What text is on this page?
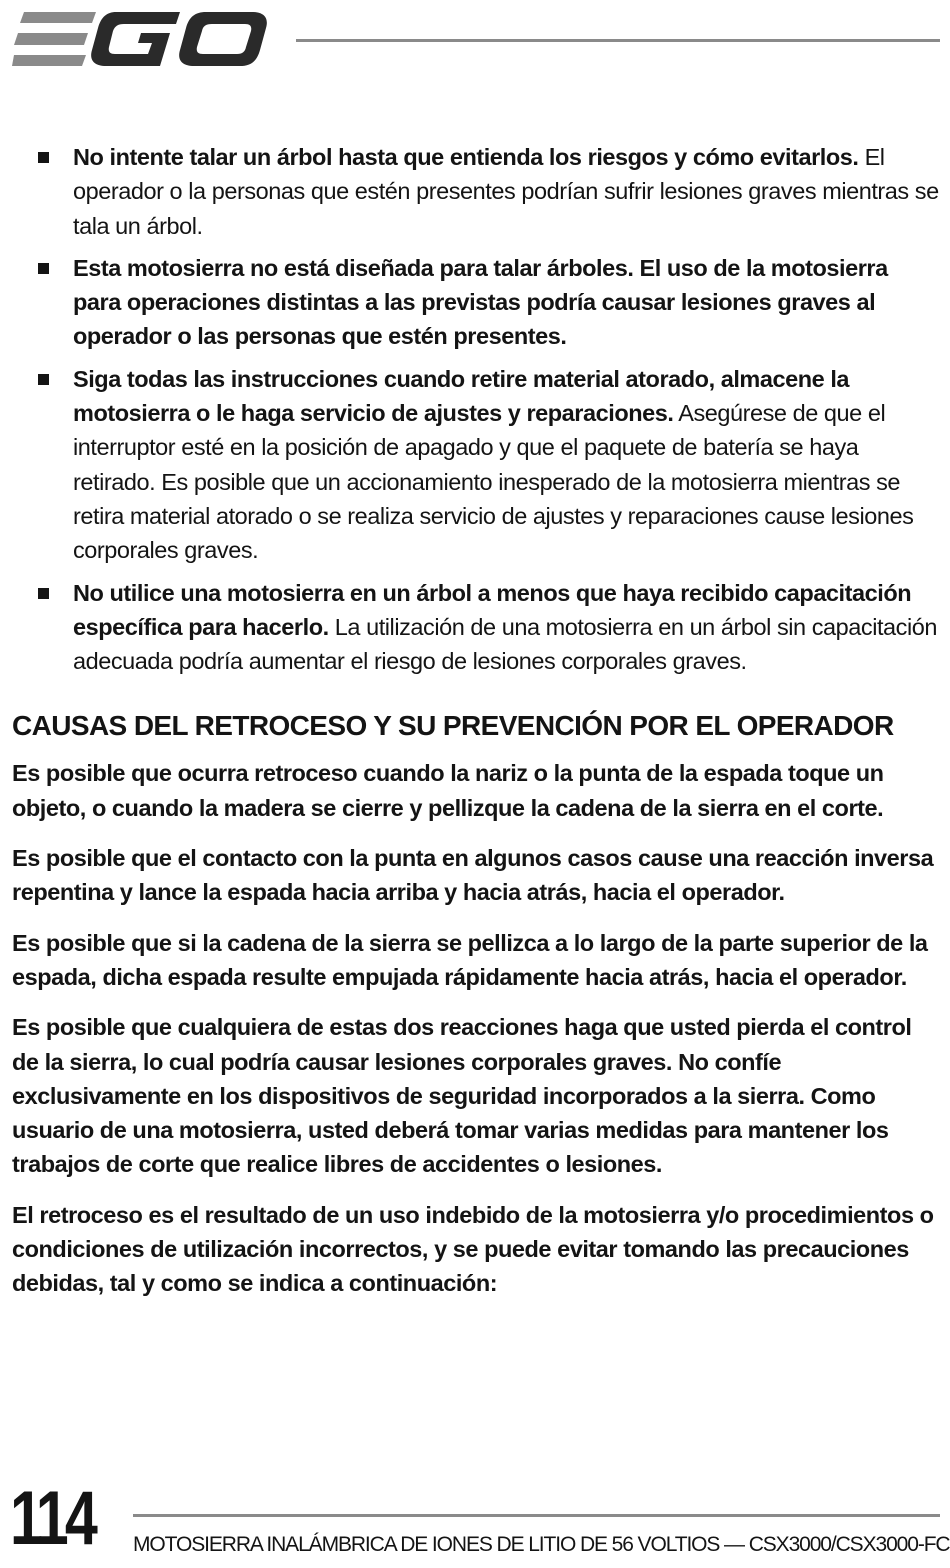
No intente talar un árbol hasta que entienda los riesgos y cómo evitarlos. El operador o la personas que estén presentes podrían sufrir lesiones graves mientras se tala un árbol.
Esta motosierra no está diseñada para talar árboles. El uso de la motosierra para operaciones distintas a las previstas podría causar lesiones graves al operador o las personas que estén presentes.
Siga todas las instrucciones cuando retire material atorado, almacene la motosierra o le haga servicio de ajustes y reparaciones. Asegúrese de que el interruptor esté en la posición de apagado y que el paquete de batería se haya retirado. Es posible que un accionamiento inesperado de la motosierra mientras se retira material atorado o se realiza servicio de ajustes y reparaciones cause lesiones corporales graves.
No utilice una motosierra en un árbol a menos que haya recibido capacitación específica para hacerlo. La utilización de una motosierra en un árbol sin capacitación adecuada podría aumentar el riesgo de lesiones corporales graves.
CAUSAS DEL RETROCESO Y SU PREVENCIÓN POR EL OPERADOR

Es posible que ocurra retroceso cuando la nariz o la punta de la espada toque un objeto, o cuando la madera se cierre y pellizque la cadena de la sierra en el corte.

Es posible que el contacto con la punta en algunos casos cause una reacción inversa repentina y lance la espada hacia arriba y hacia atrás, hacia el operador.

Es posible que si la cadena de la sierra se pellizca a lo largo de la parte superior de la espada, dicha espada resulte empujada rápidamente hacia atrás, hacia el operador.

Es posible que cualquiera de estas dos reacciones haga que usted pierda el control de la sierra, lo cual podría causar lesiones corporales graves. No confíe exclusivamente en los dispositivos de seguridad incorporados a la sierra. Como usuario de una motosierra, usted deberá tomar varias medidas para mantener los trabajos de corte que realice libres de accidentes o lesiones.

El retroceso es el resultado de un uso indebido de la motosierra y/o procedimientos o condiciones de utilización incorrectos, y se puede evitar tomando las precauciones debidas, tal y como se indica a continuación:

114 MOTOSIERRA INALÁMBRICA DE IONES DE LITIO DE 56 VOLTIOS — CSX3000/CSX3000-FC
